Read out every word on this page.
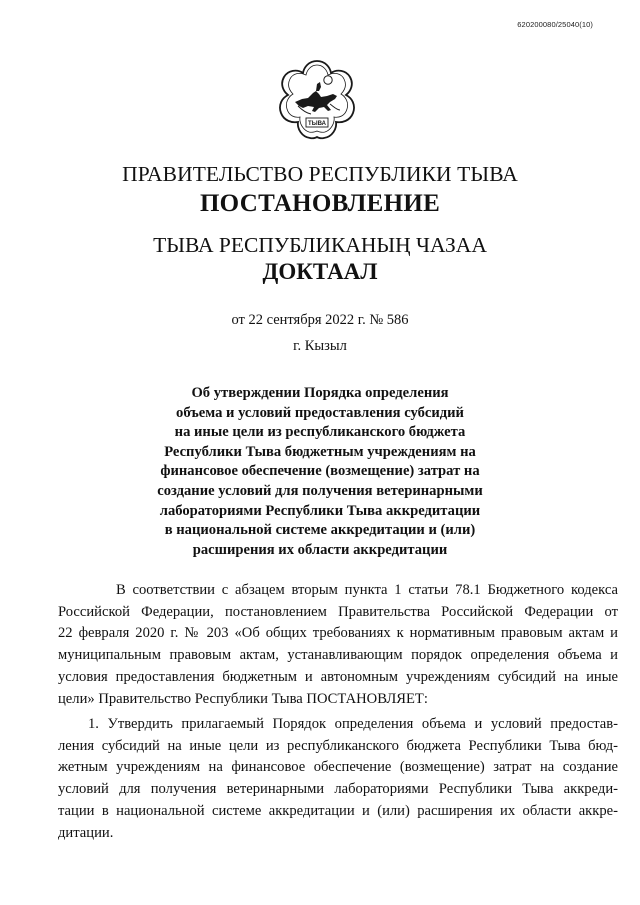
620200080/25040(10)
ТЫВА
ПРАВИТЕЛЬСТВО РЕСПУБЛИКИ ТЫВА
ПОСТАНОВЛЕНИЕ
ТЫВА РЕСПУБЛИКАНЫҢ ЧАЗАА
ДОКТААЛ
от 22 сентября 2022 г. № 586
г. Кызыл
Об утверждении Порядка определения
объема и условий предоставления субсидий
на иные цели из республиканского бюджета
Республики Тыва бюджетным учреждениям на
финансовое обеспечение (возмещение) затрат на
создание условий для получения ветеринарными
лабораториями Республики Тыва аккредитации
в национальной системе аккредитации и (или)
расширения их области аккредитации
В соответствии с абзацем вторым пункта 1 статьи 78.1 Бюджетного кодекса
Российской Федерации, постановлением Правительства Российской Федерации от
22 февраля 2020 г. № 203 «Об общих требованиях к нормативным правовым актам и
муниципальным правовым актам, устанавливающим порядок определения объема и
условия предоставления бюджетным и автономным учреждениям субсидий на иные
цели» Правительство Республики Тыва ПОСТАНОВЛЯЕТ:
1. Утвердить прилагаемый Порядок определения объема и условий предостав-
ления субсидий на иные цели из республиканского бюджета Республики Тыва бюд-
жетным учреждениям на финансовое обеспечение (возмещение) затрат на создание
условий для получения ветеринарными лабораториями Республики Тыва аккреди-
тации в национальной системе аккредитации и (или) расширения их области аккре-
дитации.
